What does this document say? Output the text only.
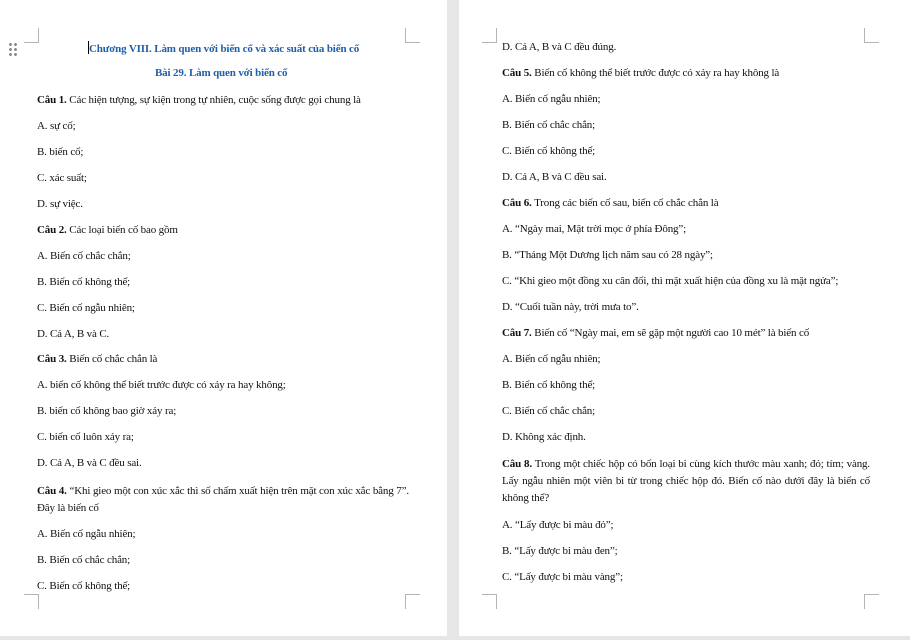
Chương VIII. Làm quen với biến cố và xác suất của biến cố
Bài 29. Làm quen với biến cố
Câu 1. Các hiện tượng, sự kiện trong tự nhiên, cuộc sống được gọi chung là
A. sự cố;
B. biến cố;
C. xác suất;
D. sự việc.
Câu 2. Các loại biến cố bao gồm
A. Biến cố chắc chắn;
B. Biến cố không thể;
C. Biến cố ngẫu nhiên;
D. Cả A, B và C.
Câu 3. Biến cố chắc chắn là
A. biến cố không thể biết trước được có xảy ra hay không;
B. biến cố không bao giờ xảy ra;
C. biến cố luôn xảy ra;
D. Cả A, B và C đều sai.
Câu 4. “Khi gieo một con xúc xắc thì số chấm xuất hiện trên mặt con xúc xắc bằng 7”. Đây là biến cố
A. Biến cố ngẫu nhiên;
B. Biến cố chắc chắn;
C. Biến cố không thể;
D. Cả A, B và C đều đúng.
Câu 5. Biến cố không thể biết trước được có xảy ra hay không là
A. Biến cố ngẫu nhiên;
B. Biến cố chắc chắn;
C. Biến cố không thể;
D. Cả A, B và C đều sai.
Câu 6. Trong các biến cố sau, biến cố chắc chắn là
A. “Ngày mai, Mặt trời mọc ở phía Đông”;
B. “Tháng Một Dương lịch năm sau có 28 ngày”;
C. “Khi gieo một đồng xu cân đối, thì mặt xuất hiện của đồng xu là mặt ngửa”;
D. “Cuối tuần này, trời mưa to”.
Câu 7. Biến cố “Ngày mai, em sẽ gặp một người cao 10 mét” là biến cố
A. Biến cố ngẫu nhiên;
B. Biến cố không thể;
C. Biến cố chắc chắn;
D. Không xác định.
Câu 8. Trong một chiếc hộp có bốn loại bi cùng kích thước màu xanh; đỏ; tím; vàng. Lấy ngẫu nhiên một viên bi từ trong chiếc hộp đó. Biến cố nào dưới đây là biến cố không thể?
A. “Lấy được bi màu đỏ”;
B. “Lấy được bi màu đen”;
C. “Lấy được bi màu vàng”;
